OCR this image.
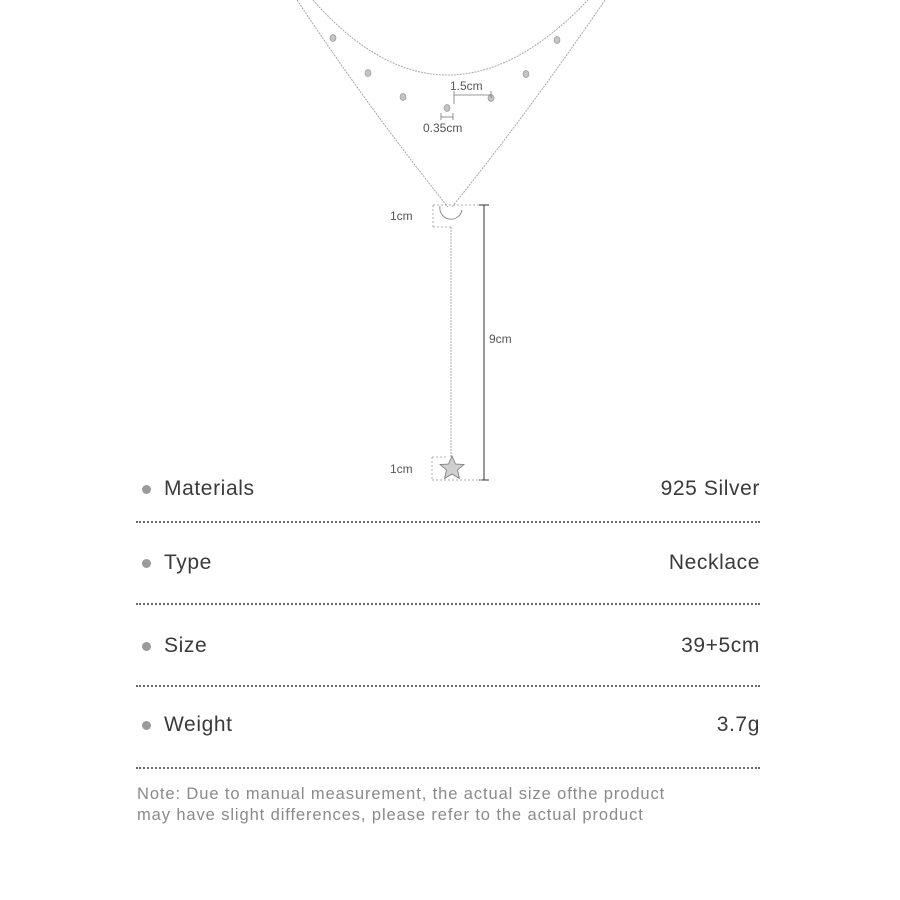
1.5cm
0.35cm
1cm
9cm
1cm
Materials	925 Silver
Type	Necklace
Size	39+5cm
Weight	3.7g
Note: Due to manual measurement, the actual size ofthe product
may have slight differences, please refer to the actual product
